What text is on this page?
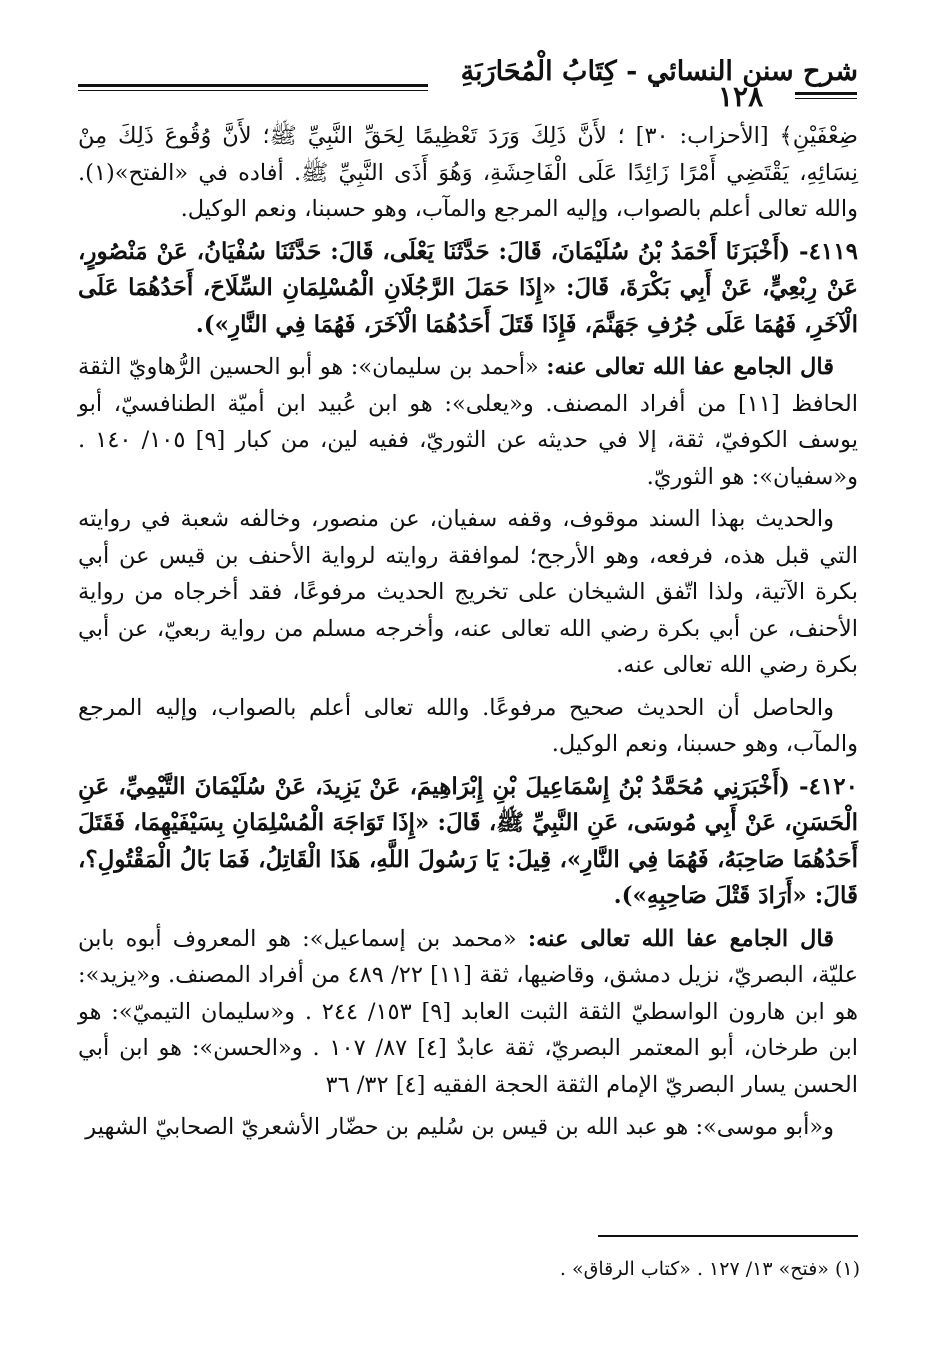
شرح سنن النسائي - كِتَابُ الْمُحَارَبَةِ
١٢٨

ضِعْفَيْنِ﴾ [الأحزاب: ٣٠] ؛ لأَنَّ ذَلِكَ وَرَدَ تَعْظِيمًا لِحَقِّ النَّبِيِّ ﷺ؛ لأَنَّ وُقُوعَ ذَلِكَ مِنْ نِسَائِهِ، يَقْتَضِي أَمْرًا زَائِدًا عَلَى الْفَاحِشَةِ، وَهُوَ أَذَى النَّبِيِّ ﷺ. أفاده في «الفتح»(١). والله تعالى أعلم بالصواب، وإليه المرجع والمآب، وهو حسبنا، ونعم الوكيل.

٤١١٩- (أَخْبَرَنَا أَحْمَدُ بْنُ سُلَيْمَانَ، قَالَ: حَدَّثَنَا يَعْلَى، قَالَ: حَدَّثَنَا سُفْيَانُ، عَنْ مَنْصُورٍ، عَنْ رِبْعِيٍّ، عَنْ أَبِي بَكْرَةَ، قَالَ: «إِذَا حَمَلَ الرَّجُلَانِ الْمُسْلِمَانِ السِّلَاحَ، أَحَدُهُمَا عَلَى الْآخَرِ، فَهُمَا عَلَى جُرُفِ جَهَنَّمَ، فَإِذَا قَتَلَ أَحَدُهُمَا الْآخَرَ، فَهُمَا فِي النَّارِ»).

قال الجامع عفا الله تعالى عنه: «أحمد بن سليمان»: هو أبو الحسين الرُّهاويّ الثقة الحافظ [١١] من أفراد المصنف. و«يعلى»: هو ابن عُبيد ابن أميّة الطنافسيّ، أبو يوسف الكوفيّ، ثقة، إلا في حديثه عن الثوريّ، ففيه لين، من كبار [٩] ١٠٥/ ١٤٠ . و«سفيان»: هو الثوريّ.

والحديث بهذا السند موقوف، وقفه سفيان، عن منصور، وخالفه شعبة في روايته التي قبل هذه، فرفعه، وهو الأرجح؛ لموافقة روايته لرواية الأحنف بن قيس عن أبي بكرة الآتية، ولذا اتّفق الشيخان على تخريج الحديث مرفوعًا، فقد أخرجاه من رواية الأحنف، عن أبي بكرة رضي الله تعالى عنه، وأخرجه مسلم من رواية ربعيّ، عن أبي بكرة رضي الله تعالى عنه.

والحاصل أن الحديث صحيح مرفوعًا. والله تعالى أعلم بالصواب، وإليه المرجع والمآب، وهو حسبنا، ونعم الوكيل.

٤١٢٠- (أَخْبَرَنِي مُحَمَّدُ بْنُ إِسْمَاعِيلَ بْنِ إِبْرَاهِيمَ، عَنْ يَزِيدَ، عَنْ سُلَيْمَانَ التَّيْمِيِّ، عَنِ الْحَسَنِ، عَنْ أَبِي مُوسَى، عَنِ النَّبِيِّ ﷺ، قَالَ: «إِذَا تَوَاجَهَ الْمُسْلِمَانِ بِسَيْفَيْهِمَا، فَقَتَلَ أَحَدُهُمَا صَاحِبَهُ، فَهُمَا فِي النَّارِ»، قِيلَ: يَا رَسُولَ اللَّهِ، هَذَا الْقَاتِلُ، فَمَا بَالُ الْمَقْتُولِ؟، قَالَ: «أَرَادَ قَتْلَ صَاحِبِهِ»).

قال الجامع عفا الله تعالى عنه: «محمد بن إسماعيل»: هو المعروف أبوه بابن عليّة، البصريّ، نزيل دمشق، وقاضيها، ثقة [١١] ٢٢/ ٤٨٩ من أفراد المصنف. و«يزيد»: هو ابن هارون الواسطيّ الثقة الثبت العابد [٩] ١٥٣/ ٢٤٤ . و«سليمان التيميّ»: هو ابن طرخان، أبو المعتمر البصريّ، ثقة عابدٌ [٤] ٨٧/ ١٠٧ . و«الحسن»: هو ابن أبي الحسن يسار البصريّ الإمام الثقة الحجة الفقيه [٤] ٣٢/ ٣٦

و«أبو موسى»: هو عبد الله بن قيس بن سُليم بن حضّار الأشعريّ الصحابيّ الشهير

(١) «فتح» ١٣/ ١٢٧ . «كتاب الرقاق» .
